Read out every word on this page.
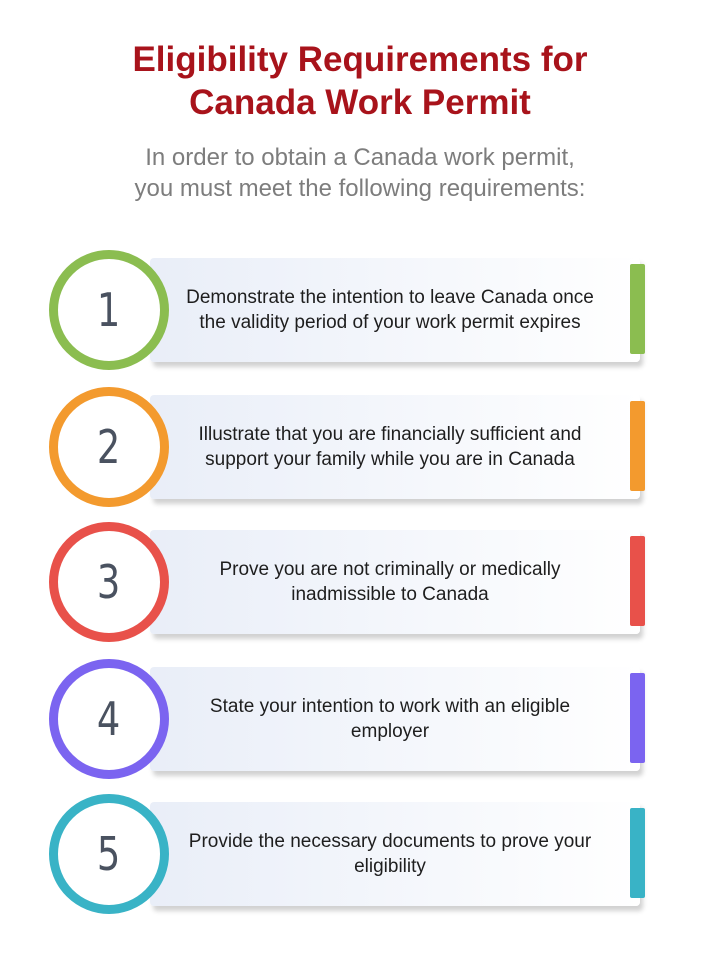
Eligibility Requirements for
Canada Work Permit
In order to obtain a Canada work permit,
you must meet the following requirements:
1	Demonstrate the intention to leave Canada once the validity period of your work permit expires
2	Illustrate that you are financially sufficient and support your family while you are in Canada
3	Prove you are not criminally or medically inadmissible to Canada
4	State your intention to work with an eligible employer
5	Provide the necessary documents to prove your eligibility
